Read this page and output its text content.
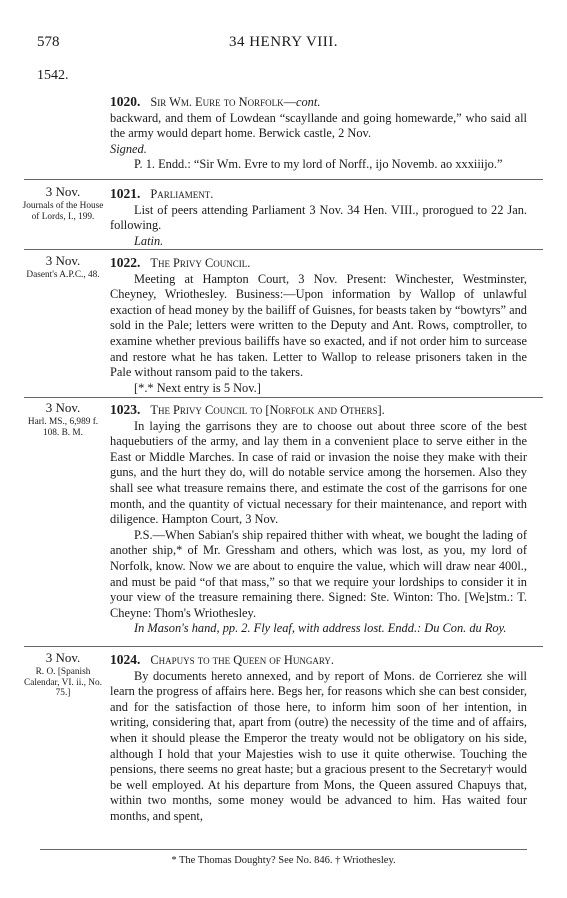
578	34 HENRY VIII.
1542.

1020. Sir Wm. Eure to Norfolk—cont.

backward, and them of Lowdean “scayllande and going homewarde,” who said all the army would depart home. Berwick castle, 2 Nov.

Signed.

P. 1. Endd.: “Sir Wm. Evre to my lord of Norff., ijo Novemb. ao xxxiiijo.”

3 Nov.
Journals of the House of Lords, I., 199.

1021. Parliament.

List of peers attending Parliament 3 Nov. 34 Hen. VIII., prorogued to 22 Jan. following.

Latin.

3 Nov.
Dasent's A.P.C., 48.

1022. The Privy Council.

Meeting at Hampton Court, 3 Nov. Present: Winchester, Westminster, Cheyney, Wriothesley. Business:—Upon information by Wallop of unlawful exaction of head money by the bailiff of Guisnes, for beasts taken by “bowtyrs” and sold in the Pale; letters were written to the Deputy and Ant. Rows, comptroller, to examine whether previous bailiffs have so exacted, and if not order him to surcease and restore what he has taken. Letter to Wallop to release prisoners taken in the Pale without ransom paid to the takers.

[*.* Next entry is 5 Nov.]

3 Nov.
Harl. MS., 6,989 f. 108. B. M.

1023. The Privy Council to [Norfolk and Others].

In laying the garrisons they are to choose out about three score of the best haquebutiers of the army, and lay them in a convenient place to serve either in the East or Middle Marches. In case of raid or invasion the noise they make with their guns, and the hurt they do, will do notable service among the horsemen. Also they shall see what treasure remains there, and estimate the cost of the garrisons for one month, and the quantity of victual necessary for their maintenance, and report with diligence. Hampton Court, 3 Nov.

P.S.—When Sabian's ship repaired thither with wheat, we bought the lading of another ship,* of Mr. Gressham and others, which was lost, as you, my lord of Norfolk, know. Now we are about to enquire the value, which will draw near 400l., and must be paid “of that mass,” so that we require your lordships to consider it in your view of the treasure remaining there. Signed: Ste. Winton: Tho. [We]stm.: T. Cheyne: Thom's Wriothesley.

In Mason's hand, pp. 2. Fly leaf, with address lost. Endd.: Du Con. du Roy.

3 Nov.
R. O. [Spanish Calendar, VI. ii., No. 75.]

1024. Chapuys to the Queen of Hungary.

By documents hereto annexed, and by report of Mons. de Corrierez she will learn the progress of affairs here. Begs her, for reasons which she can best consider, and for the satisfaction of those here, to inform him soon of her intention, in writing, considering that, apart from (outre) the necessity of the time and of affairs, when it should please the Emperor the treaty would not be obligatory on his side, although I hold that your Majesties wish to use it quite otherwise. Touching the pensions, there seems no great haste; but a gracious present to the Secretary† would be well employed. At his departure from Mons, the Queen assured Chapuys that, within two months, some money would be advanced to him. Has waited four months, and spent,

* The Thomas Doughty? See No. 846. † Wriothesley.
